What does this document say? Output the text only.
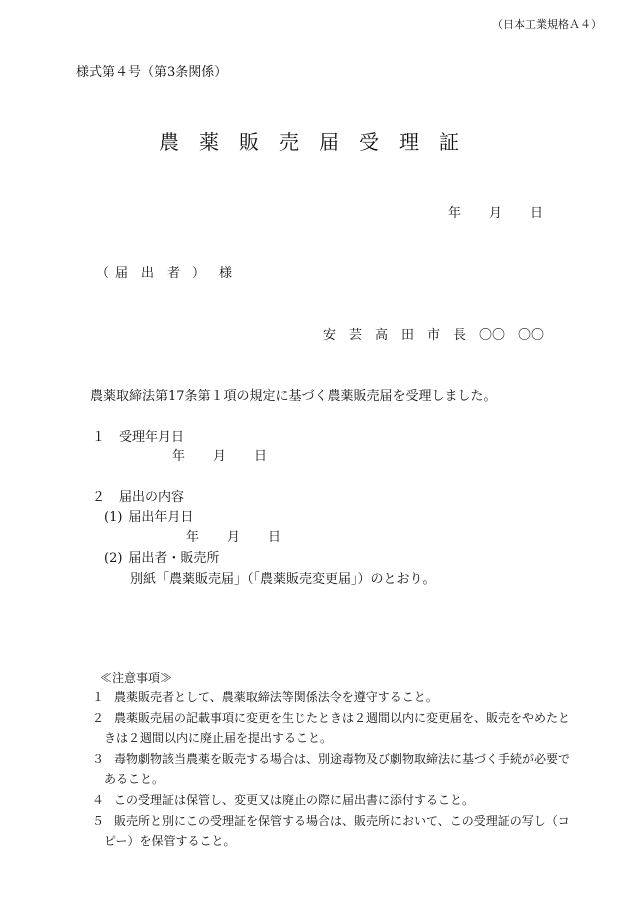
（日本工業規格Ａ４）
様式第４号（第3条関係）
農薬販売届受理証
年 月 日
（ 届　出　者 ） 様
安　芸　高　田　市　長　〇〇　〇〇
農薬取締法第17条第１項の規定に基づく農薬販売届を受理しました。
１ 受理年月日
年 月 日
２ 届出の内容
(1) 届出年月日
年 月 日
(2) 届出者・販売所
別紙「農薬販売届」（「農薬販売変更届」）のとおり。
≪注意事項≫
１ 農薬販売者として、農薬取締法等関係法令を遵守すること。
２ 農薬販売届の記載事項に変更を生じたときは２週間以内に変更届を、販売をやめたと
きは２週間以内に廃止届を提出すること。
３ 毒物劇物該当農薬を販売する場合は、別途毒物及び劇物取締法に基づく手続が必要で
あること。
４ この受理証は保管し、変更又は廃止の際に届出書に添付すること。
５ 販売所と別にこの受理証を保管する場合は、販売所において、この受理証の写し（コ
ピー）を保管すること。
